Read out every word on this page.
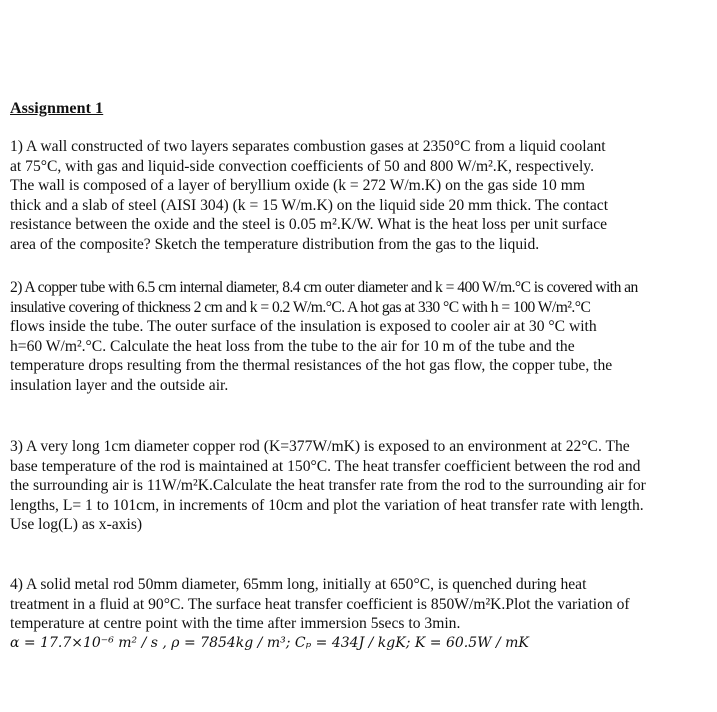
Assignment 1
1) A wall constructed of two layers separates combustion gases at 2350°C from a liquid coolant
at 75°C, with gas and liquid-side convection coefficients of 50 and 800 W/m².K, respectively.
The wall is composed of a layer of beryllium oxide (k = 272 W/m.K) on the gas side 10 mm
thick and a slab of steel (AISI 304) (k = 15 W/m.K) on the liquid side 20 mm thick. The contact
resistance between the oxide and the steel is 0.05 m².K/W. What is the heat loss per unit surface
area of the composite? Sketch the temperature distribution from the gas to the liquid.
2) A copper tube with 6.5 cm internal diameter, 8.4 cm outer diameter and k = 400 W/m.°C is covered with an
insulative covering of thickness 2 cm and k = 0.2 W/m.°C. A hot gas at 330 °C with h = 100 W/m².°C
flows inside the tube. The outer surface of the insulation is exposed to cooler air at 30 °C with
h=60 W/m².°C. Calculate the heat loss from the tube to the air for 10 m of the tube and the
temperature drops resulting from the thermal resistances of the hot gas flow, the copper tube, the
insulation layer and the outside air.
3) A very long 1cm diameter copper rod (K=377W/mK) is exposed to an environment at 22°C. The
base temperature of the rod is maintained at 150°C. The heat transfer coefficient between the rod and
the surrounding air is 11W/m²K.Calculate the heat transfer rate from the rod to the surrounding air for
lengths, L= 1 to 101cm, in increments of 10cm and plot the variation of heat transfer rate with length.
Use log(L) as x-axis)
4) A solid metal rod 50mm diameter, 65mm long, initially at 650°C, is quenched during heat
treatment in a fluid at 90°C. The surface heat transfer coefficient is 850W/m²K.Plot the variation of
temperature at centre point with the time after immersion 5secs to 3min.
α = 17.7×10⁻⁶ m² / s , ρ = 7854kg / m³; Cₚ = 434J / kgK; K = 60.5W / mK
